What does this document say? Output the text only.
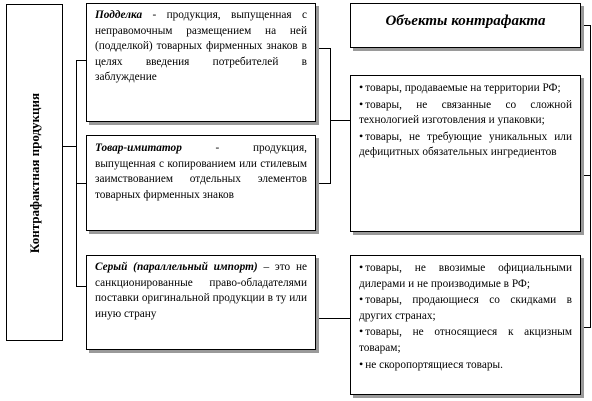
Контрафактная продукция
Подделка - продукция, выпущенная с неправомочным размещением на ней (подделкой) товарных фирменных знаков в целях введения потребителей в заблуждение
Товар-имитатор - продукция, выпущенная с копированием или стилевым заимствованием отдельных элементов товарных фирменных знаков
Серый (параллельный импорт) – это не санкционированные право-обладателями поставки оригинальной продукции в ту или иную страну
Объекты контрафакта
• товары, продаваемые на территории РФ;
• товары, не связанные со сложной технологией изготовления и упаковки;
• товары, не требующие уникальных или дефицитных обязательных ингредиентов
• товары, не ввозимые официальными дилерами и не производимые в РФ;
• товары, продающиеся со скидками в других странах;
• товары, не относящиеся к акцизным товарам;
• не скоропортящиеся товары.
